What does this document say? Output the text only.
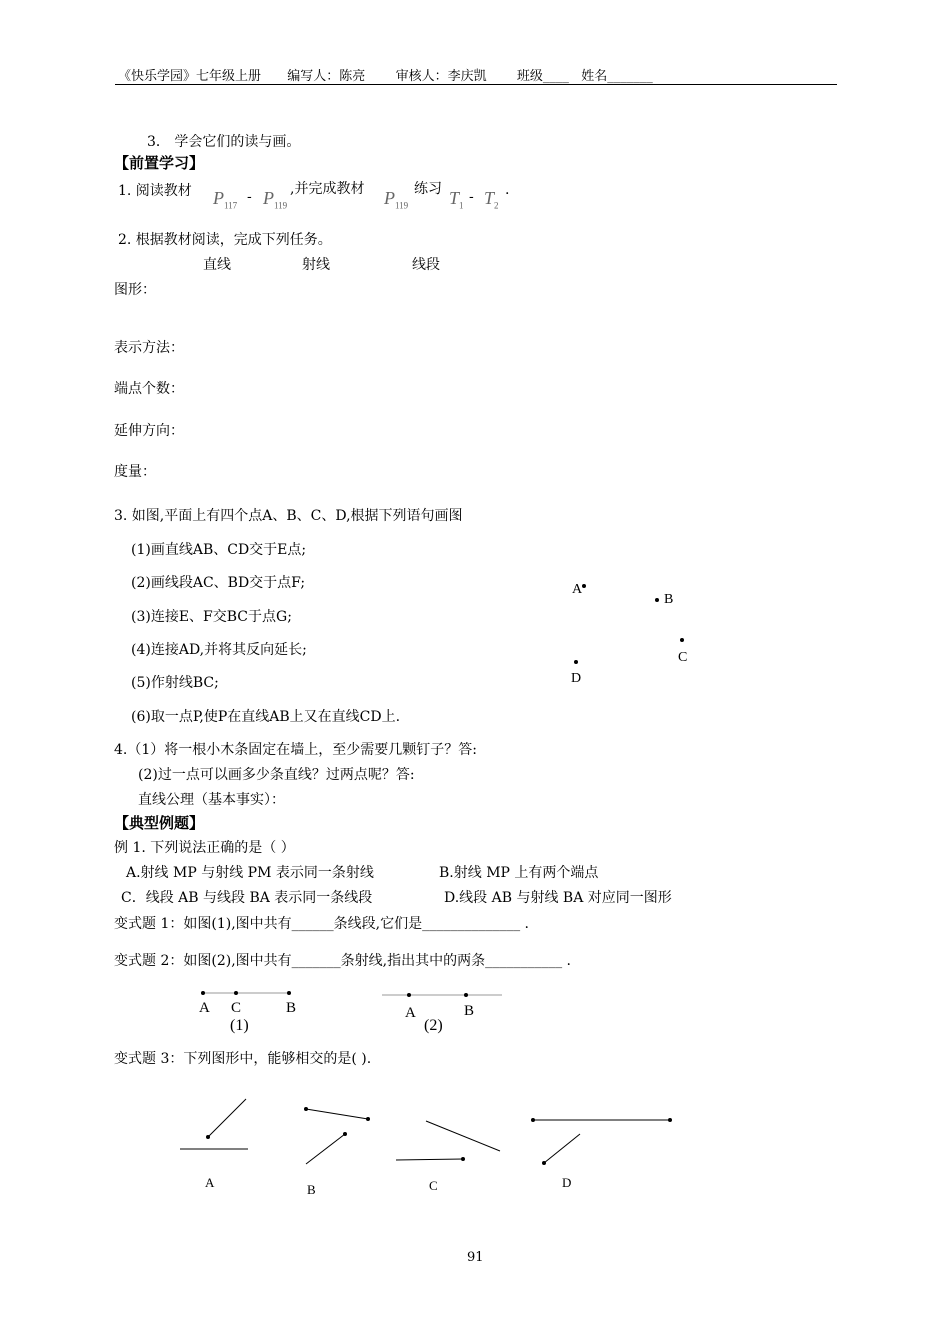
《快乐学园》七年级上册 编写人：陈亮 审核人：李庆凯 班级____ 姓名_______
3． 学会它们的读与画。
【前置学习】
1. 阅读教材 $P_{117}$
- $P_{119}$
,并完成教材 $P_{119}$
练习 $T_1$
- $T_2$
.
2. 根据教材阅读，完成下列任务。
直线	射线	线段
图形：
表示方法：
端点个数：
延伸方向：
度量：
3. 如图,平面上有四个点A、B、C、D,根据下列语句画图
(1)画直线AB、CD交于E点;
(2)画线段AC、BD交于点F;
(3)连接E、F交BC于点G;
(4)连接AD,并将其反向延长;
(5)作射线BC;
(6)取一点P,使P在直线AB上又在直线CD上.
A
B
C
D
4.（1）将一根小木条固定在墙上，至少需要几颗钉子？答:
(2)过一点可以画多少条直线？过两点呢？答:
直线公理（基本事实）：
【典型例题】
例 1. 下列说法正确的是（ ）
A.射线 MP 与射线 PM 表示同一条射线	B.射线 MP 上有两个端点
C．线段 AB 与线段 BA 表示同一条线段	D.线段 AB 与射线 BA 对应同一图形
变式题 1：如图(1),图中共有______条线段,它们是______________ .
变式题 2：如图(2),图中共有_______条射线,指出其中的两条___________ .
A C	B
(1)
A	B
(2)
变式题 3：下列图形中，能够相交的是( ).
A	B	C	D
91
